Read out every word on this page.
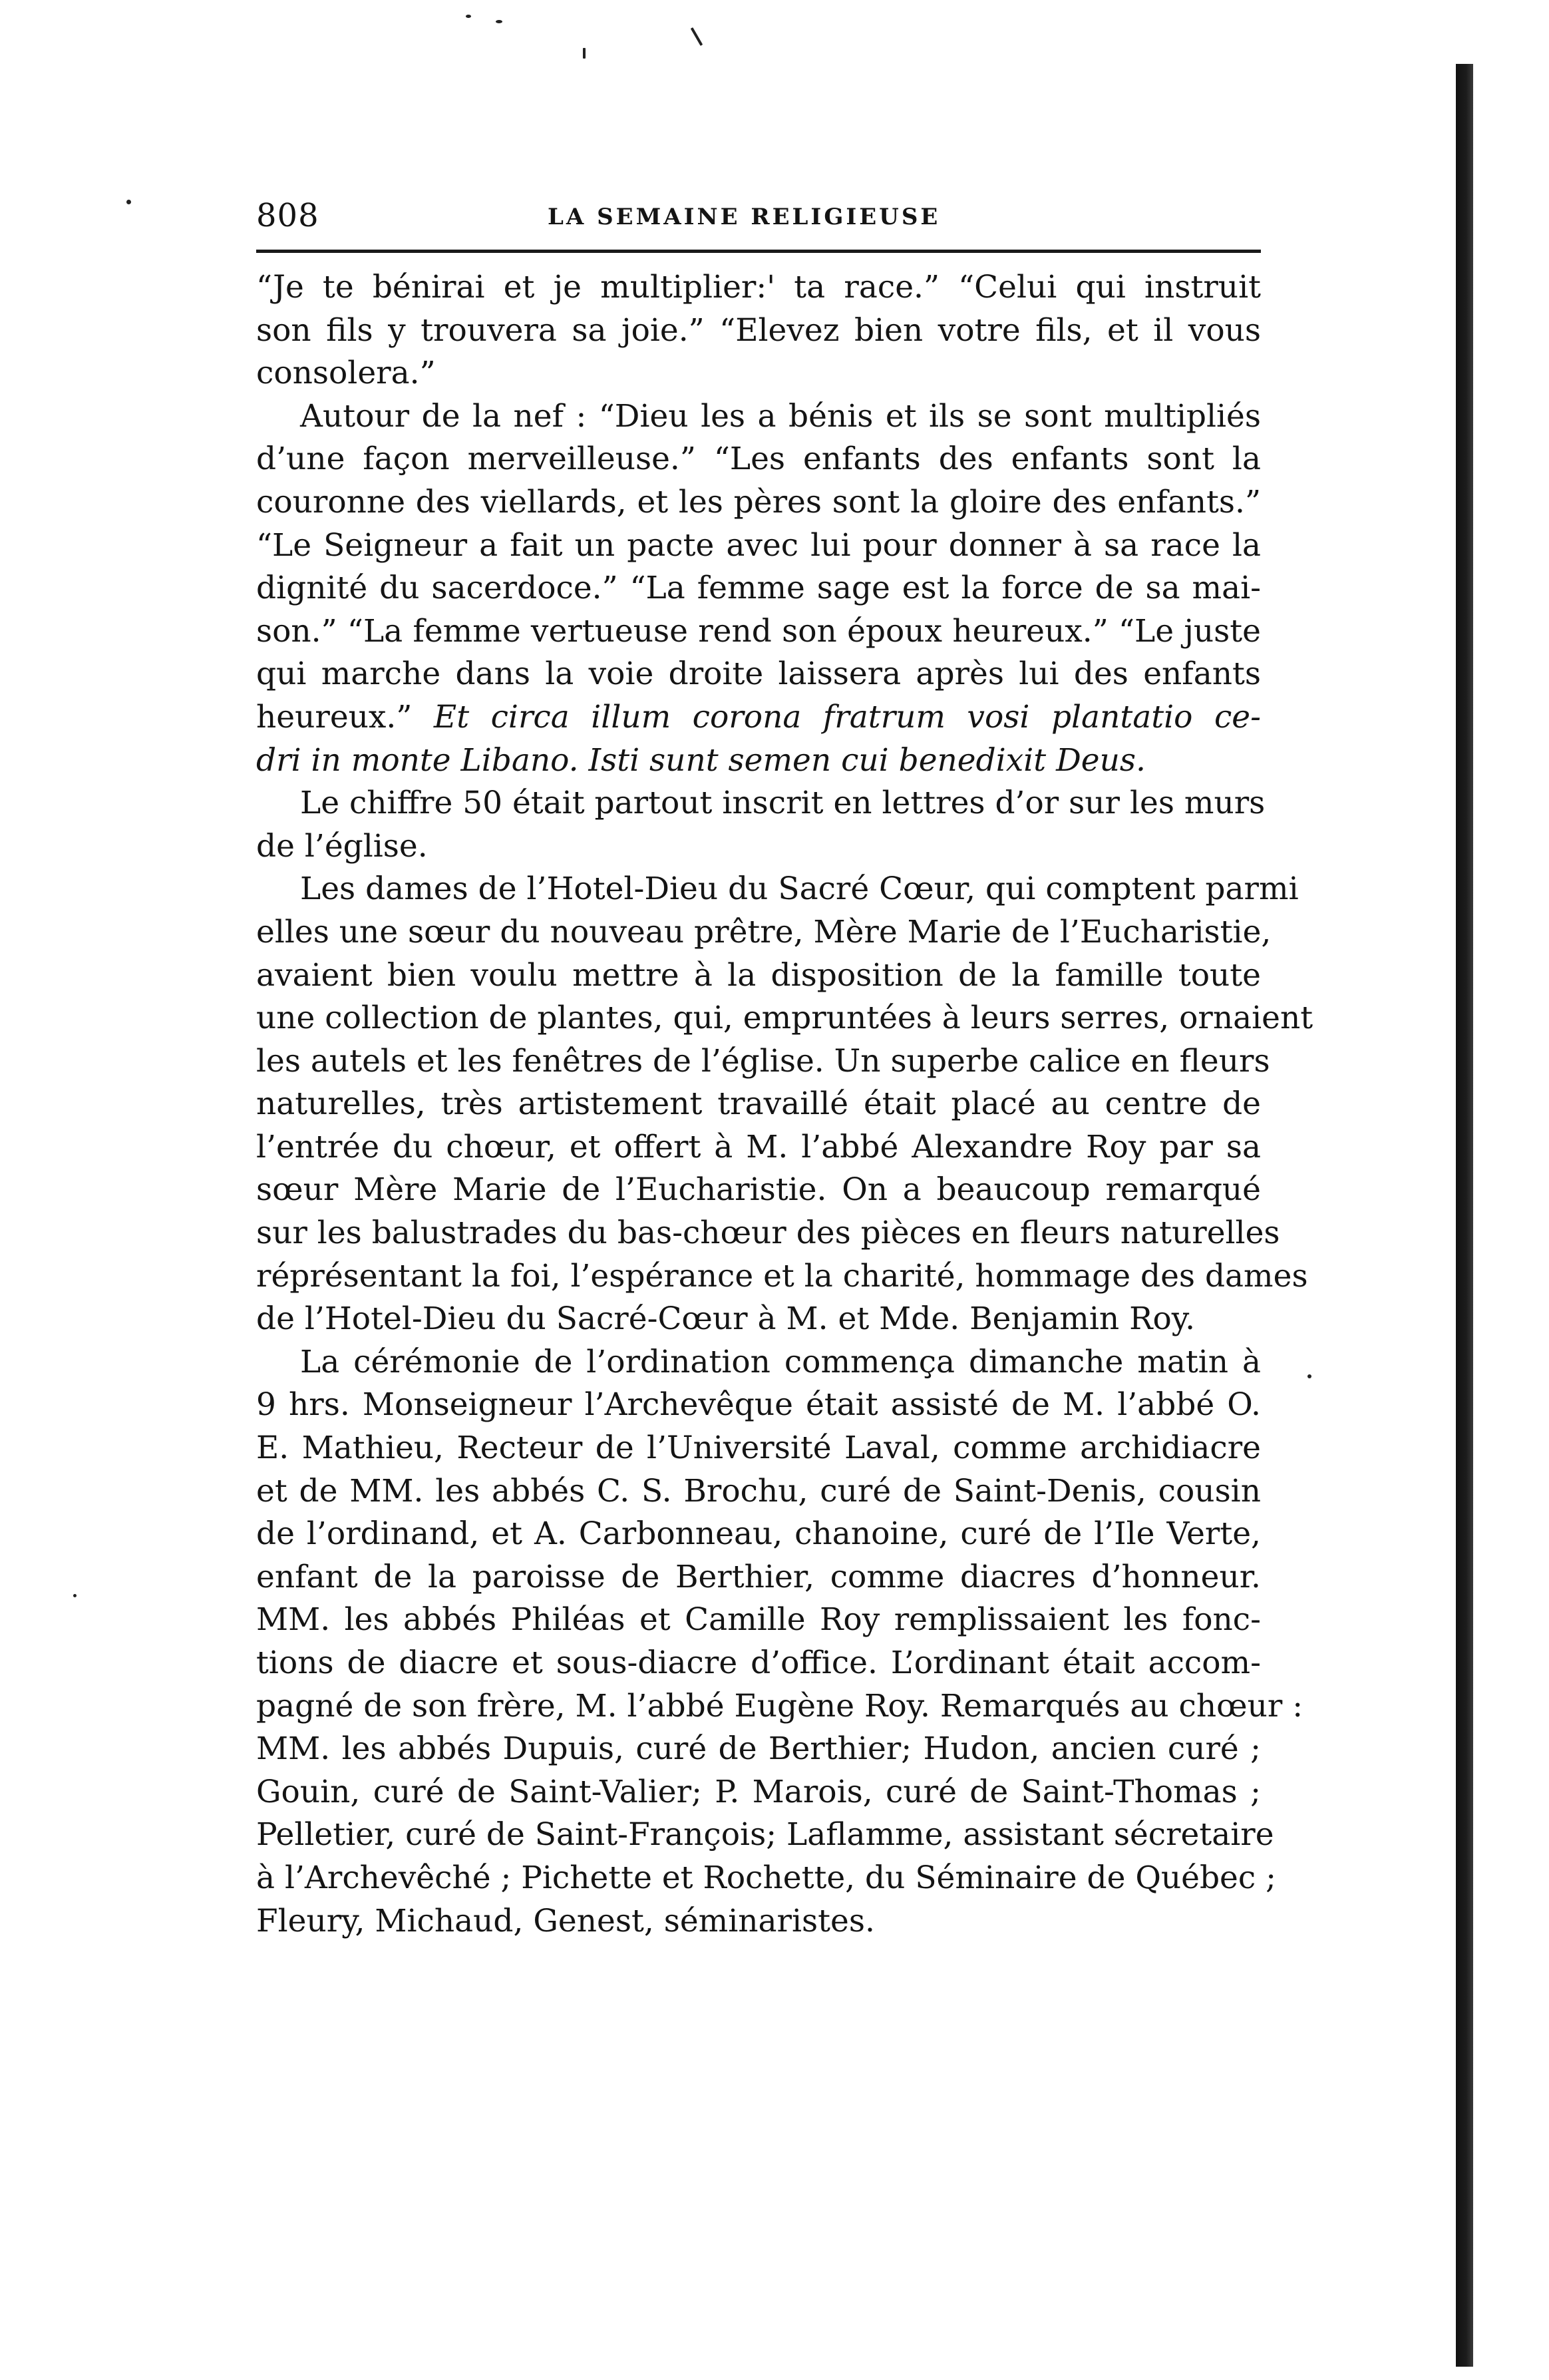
808	LA SEMAINE RELIGIEUSE
“Je te bénirai et je multiplier:' ta race.” “Celui qui instruit
son fils y trouvera sa joie.” “Elevez bien votre fils, et il vous
consolera.”
Autour de la nef : “Dieu les a bénis et ils se sont multipliés
d’une façon merveilleuse.” “Les enfants des enfants sont la
couronne des viellards, et les pères sont la gloire des enfants.”
“Le Seigneur a fait un pacte avec lui pour donner à sa race la
dignité du sacerdoce.” “La femme sage est la force de sa mai-
son.” “La femme vertueuse rend son époux heureux.” “Le juste
qui marche dans la voie droite laissera après lui des enfants
heureux.” Et circa illum corona fratrum vosi plantatio ce-
dri in monte Libano. Isti sunt semen cui benedixit Deus.
Le chiffre 50 était partout inscrit en lettres d’or sur les murs
de l’église.
Les dames de l’Hotel-Dieu du Sacré Cœur, qui comptent parmi
elles une sœur du nouveau prêtre, Mère Marie de l’Eucharistie,
avaient bien voulu mettre à la disposition de la famille toute
une collection de plantes, qui, empruntées à leurs serres, ornaient
les autels et les fenêtres de l’église. Un superbe calice en fleurs
naturelles, très artistement travaillé était placé au centre de
l’entrée du chœur, et offert à M. l’abbé Alexandre Roy par sa
sœur Mère Marie de l’Eucharistie. On a beaucoup remarqué
sur les balustrades du bas-chœur des pièces en fleurs naturelles
réprésentant la foi, l’espérance et la charité, hommage des dames
de l’Hotel-Dieu du Sacré-Cœur à M. et Mde. Benjamin Roy.
La cérémonie de l’ordination commença dimanche matin à
9 hrs. Monseigneur l’Archevêque était assisté de M. l’abbé O.
E. Mathieu, Recteur de l’Université Laval, comme archidiacre
et de MM. les abbés C. S. Brochu, curé de Saint-Denis, cousin
de l’ordinand, et A. Carbonneau, chanoine, curé de l’Ile Verte,
enfant de la paroisse de Berthier, comme diacres d’honneur.
MM. les abbés Philéas et Camille Roy remplissaient les fonc-
tions de diacre et sous-diacre d’office. L’ordinant était accom-
pagné de son frère, M. l’abbé Eugène Roy. Remarqués au chœur :
MM. les abbés Dupuis, curé de Berthier; Hudon, ancien curé ;
Gouin, curé de Saint-Valier; P. Marois, curé de Saint-Thomas ;
Pelletier, curé de Saint-François; Laflamme, assistant sécretaire
à l’Archevêché ; Pichette et Rochette, du Séminaire de Québec ;
Fleury, Michaud, Genest, séminaristes.
